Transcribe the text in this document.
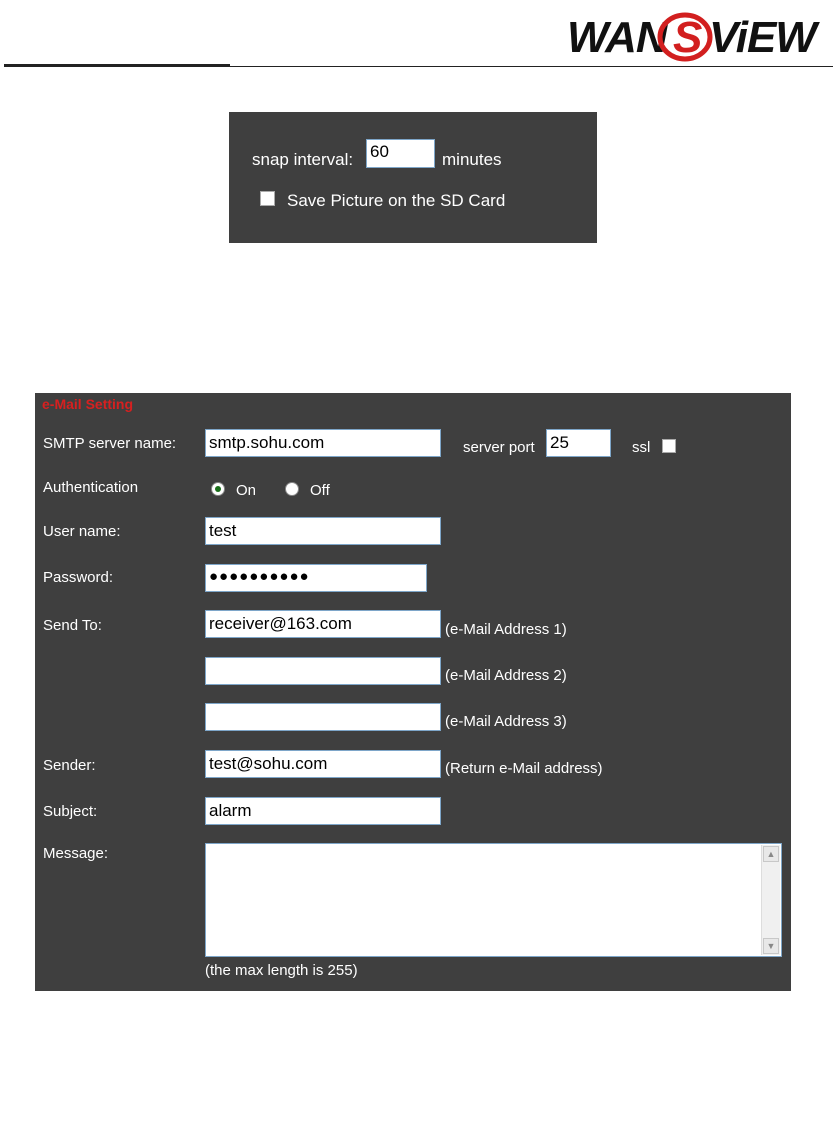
WAN S ViEW
snap interval: 60	minutes
Save Picture on the SD Card
e-Mail Setting
SMTP server name: smtp.sohu.com	server port 25	ssl
Authentication	On	Off
User name:	test
Password:	●●●●●●●●●●
Send To:	receiver@163.com	(e-Mail Address 1)
(e-Mail Address 2)
(e-Mail Address 3)
Sender:	test@sohu.com	(Return e-Mail address)
Subject:	alarm
Message:	▲
▼
(the max length is 255)
